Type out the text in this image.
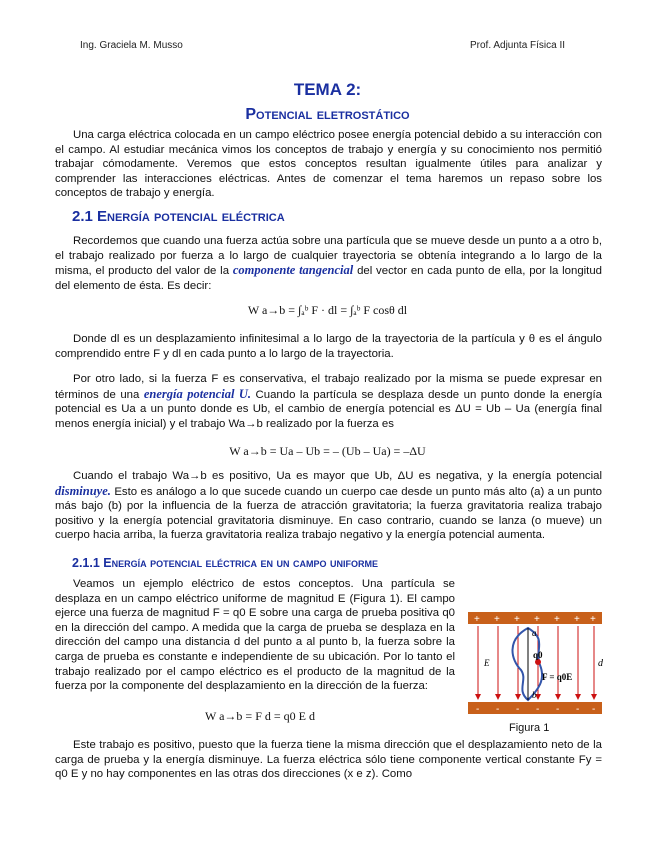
Ing. Graciela M. Musso	Prof. Adjunta Física II
TEMA 2:
Potencial eletrostático
Una carga eléctrica colocada en un campo eléctrico posee energía potencial debido a su interacción con el campo. Al estudiar mecánica vimos los conceptos de trabajo y energía y su conocimiento nos permitió trabajar cómodamente. Veremos que estos conceptos resultan igualmente útiles para analizar y comprender las interacciones eléctricas. Antes de comenzar el tema haremos un repaso sobre los conceptos de trabajo y energía.
2.1 Energía potencial eléctrica
Recordemos que cuando una fuerza actúa sobre una partícula que se mueve desde un punto a a otro b, el trabajo realizado por fuerza a lo largo de cualquier trayectoria se obtenía integrando a lo largo de la misma, el producto del valor de la componente tangencial del vector en cada punto de ella, por la longitud del elemento de ésta. Es decir:
W a→b = ∫ₐᵇ F · dl = ∫ₐᵇ F cosθ dl
Donde dl es un desplazamiento infinitesimal a lo largo de la trayectoria de la partícula y θ es el ángulo comprendido entre F y dl en cada punto a lo largo de la trayectoria.
Por otro lado, si la fuerza F es conservativa, el trabajo realizado por la misma se puede expresar en términos de una energía potencial U. Cuando la partícula se desplaza desde un punto donde la energía potencial es Ua a un punto donde es Ub, el cambio de energía potencial es ΔU = Ub – Ua (energía final menos energía inicial) y el trabajo Wa→b realizado por la fuerza es
W a→b = Ua – Ub = – (Ub – Ua) = –ΔU
Cuando el trabajo Wa→b es positivo, Ua es mayor que Ub, ΔU es negativa, y la energía potencial disminuye. Esto es análogo a lo que sucede cuando un cuerpo cae desde un punto más alto (a) a un punto más bajo (b) por la influencia de la fuerza de atracción gravitatoria; la fuerza gravitatoria realiza trabajo positivo y la energía potencial gravitatoria disminuye. En caso contrario, cuando se lanza (o mueve) un cuerpo hacia arriba, la fuerza gravitatoria realiza trabajo negativo y la energía potencial aumenta.
2.1.1 Energía potencial eléctrica en un campo uniforme
Veamos un ejemplo eléctrico de estos conceptos. Una partícula se desplaza en un campo eléctrico uniforme de magnitud E (Figura 1). El campo ejerce una fuerza de magnitud F = q0 E sobre una carga de prueba positiva q0 en la dirección del campo. A medida que la carga de prueba se desplaza en la dirección del campo una distancia d del punto a al punto b, la fuerza sobre la carga de prueba es constante e independiente de su ubicación. Por lo tanto el trabajo realizado por el campo eléctrico es el producto de la magnitud de la fuerza por la componente del desplazamiento en la dirección de la fuerza:
W a→b = F d = q0 E d
Este trabajo es positivo, puesto que la fuerza tiene la misma dirección que el desplazamiento neto de la carga de prueba y la energía disminuye. La fuerza eléctrica sólo tiene componente vertical constante Fy = q0 E y no hay componentes en las otras dos direcciones (x e z). Como
+ + + + + + +
- - - - - - -
a
b
q0
E
F = q0E
d
Figura 1
